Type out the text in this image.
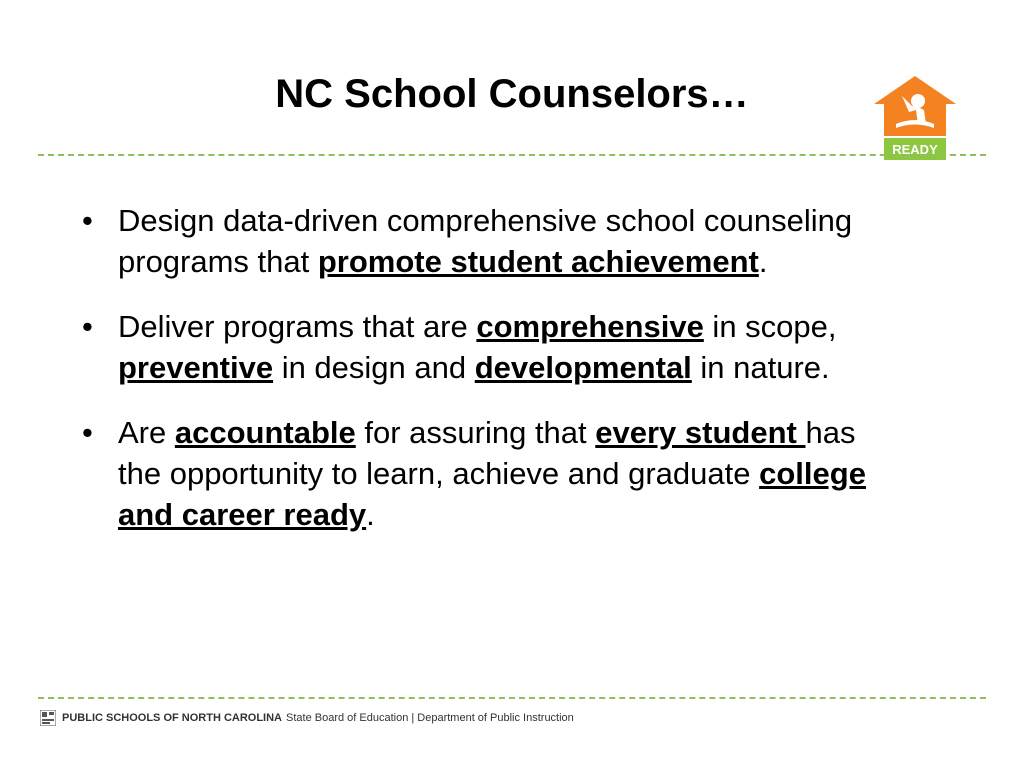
NC School Counselors…
READY
• Design data-driven comprehensive school counseling programs that promote student achievement.
• Deliver programs that are comprehensive in scope, preventive in design and developmental in nature.
• Are accountable for assuring that every student has the opportunity to learn, achieve and graduate college and career ready.
PUBLIC SCHOOLS OF NORTH CAROLINA State Board of Education | Department of Public Instruction
